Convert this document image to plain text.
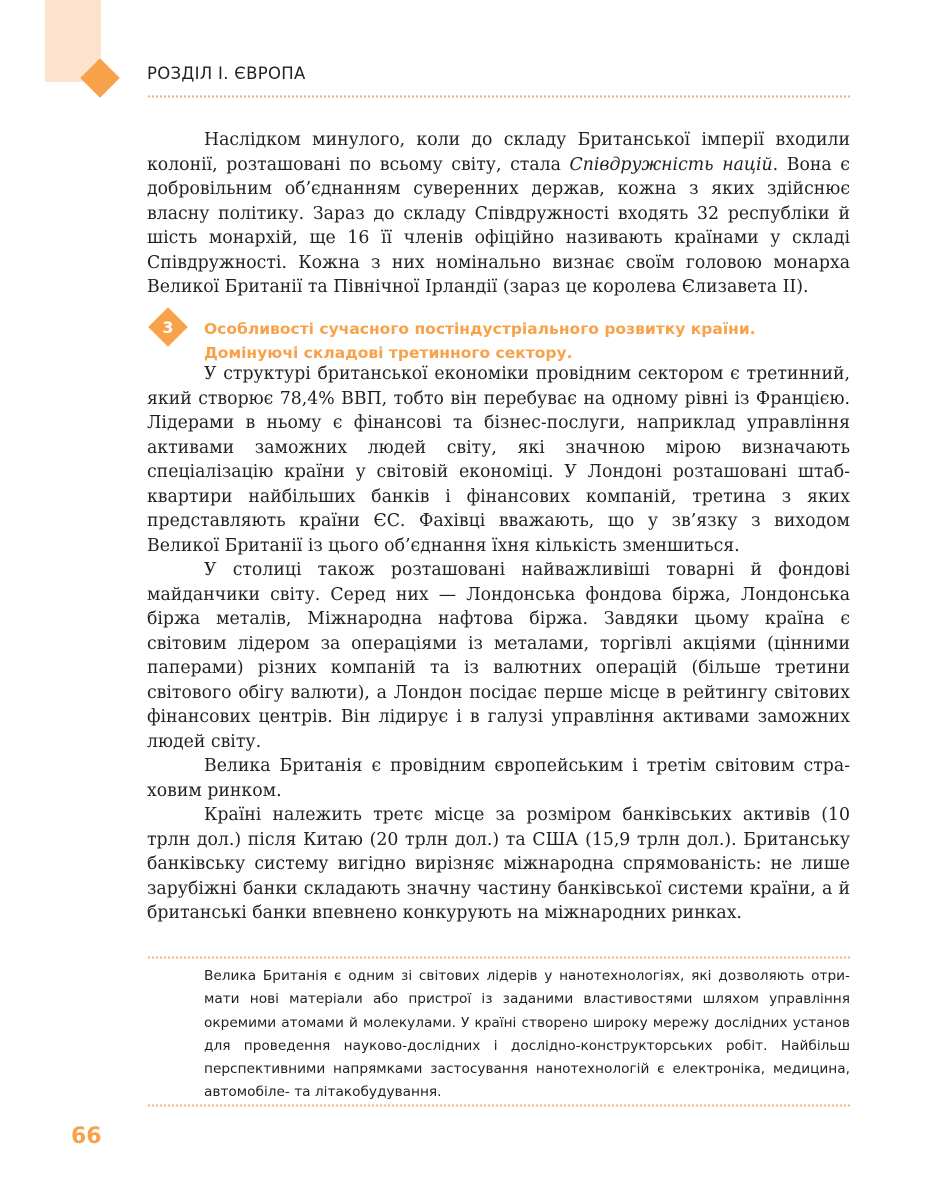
РОЗДІЛ І. ЄВРОПА

Наслідком минулого, коли до складу Британської імперії входили колонії, розташовані по всьому світу, стала Співдружність націй. Вона є добровільним об’єднанням суверенних держав, кожна з яких здійснює власну політику. Зараз до складу Співдружності входять 32 республіки й шість монархій, ще 16 її членів офіційно називають країнами у складі Співдружності. Кожна з них номінально визнає своїм головою монарха Великої Британії та Північної Ірландії (зараз це королева Єлизавета ІІ).

3	Особливості сучасного постіндустріального розвитку країни.
Домінуючі складові третинного сектору.

У структурі британської економіки провідним сектором є третинний, який створює 78,4% ВВП, тобто він перебуває на одному рівні із Францією. Лідерами в ньому є фінансові та бізнес-послуги, наприклад управління активами заможних людей світу, які значною мірою визначають спеціалізацію країни у світовій економіці. У Лондоні розташовані штаб-квартири найбільших банків і фінансових компаній, третина з яких представляють країни ЄС. Фахівці вважають, що у зв’язку з виходом Великої Британії із цього об’єднання їхня кількість зменшиться.

У столиці також розташовані найважливіші товарні й фондові майданчики світу. Серед них — Лондонська фондова біржа, Лондонська біржа металів, Міжнародна нафтова біржа. Завдяки цьому країна є світовим лідером за операціями із металами, торгівлі акціями (цінними паперами) різних компаній та із валютних операцій (більше третини світового обігу валюти), а Лондон посідає перше місце в рейтингу світових фінансових центрів. Він лідирує і в галузі управління активами заможних людей світу.

Велика Британія є провідним європейським і третім світовим страховим ринком.

Країні належить третє місце за розміром банківських активів (10 трлн дол.) після Китаю (20 трлн дол.) та США (15,9 трлн дол.). Британську банківську систему вигідно вирізняє міжнародна спрямованість: не лише зарубіжні банки складають значну частину банківської системи країни, а й британські банки впевнено конкурують на міжнародних ринках.

Велика Британія є одним зі світових лідерів у нанотехнологіях, які дозволяють отримати нові матеріали або пристрої із заданими властивостями шляхом управління окремими атомами й молекулами. У країні створено широку мережу дослідних установ для проведення науково-дослідних і дослідно-конструкторських робіт. Найбільш перспективними напрямками застосування нанотехнологій є електроніка, медицина, автомобіле- та літакобудування.
66
